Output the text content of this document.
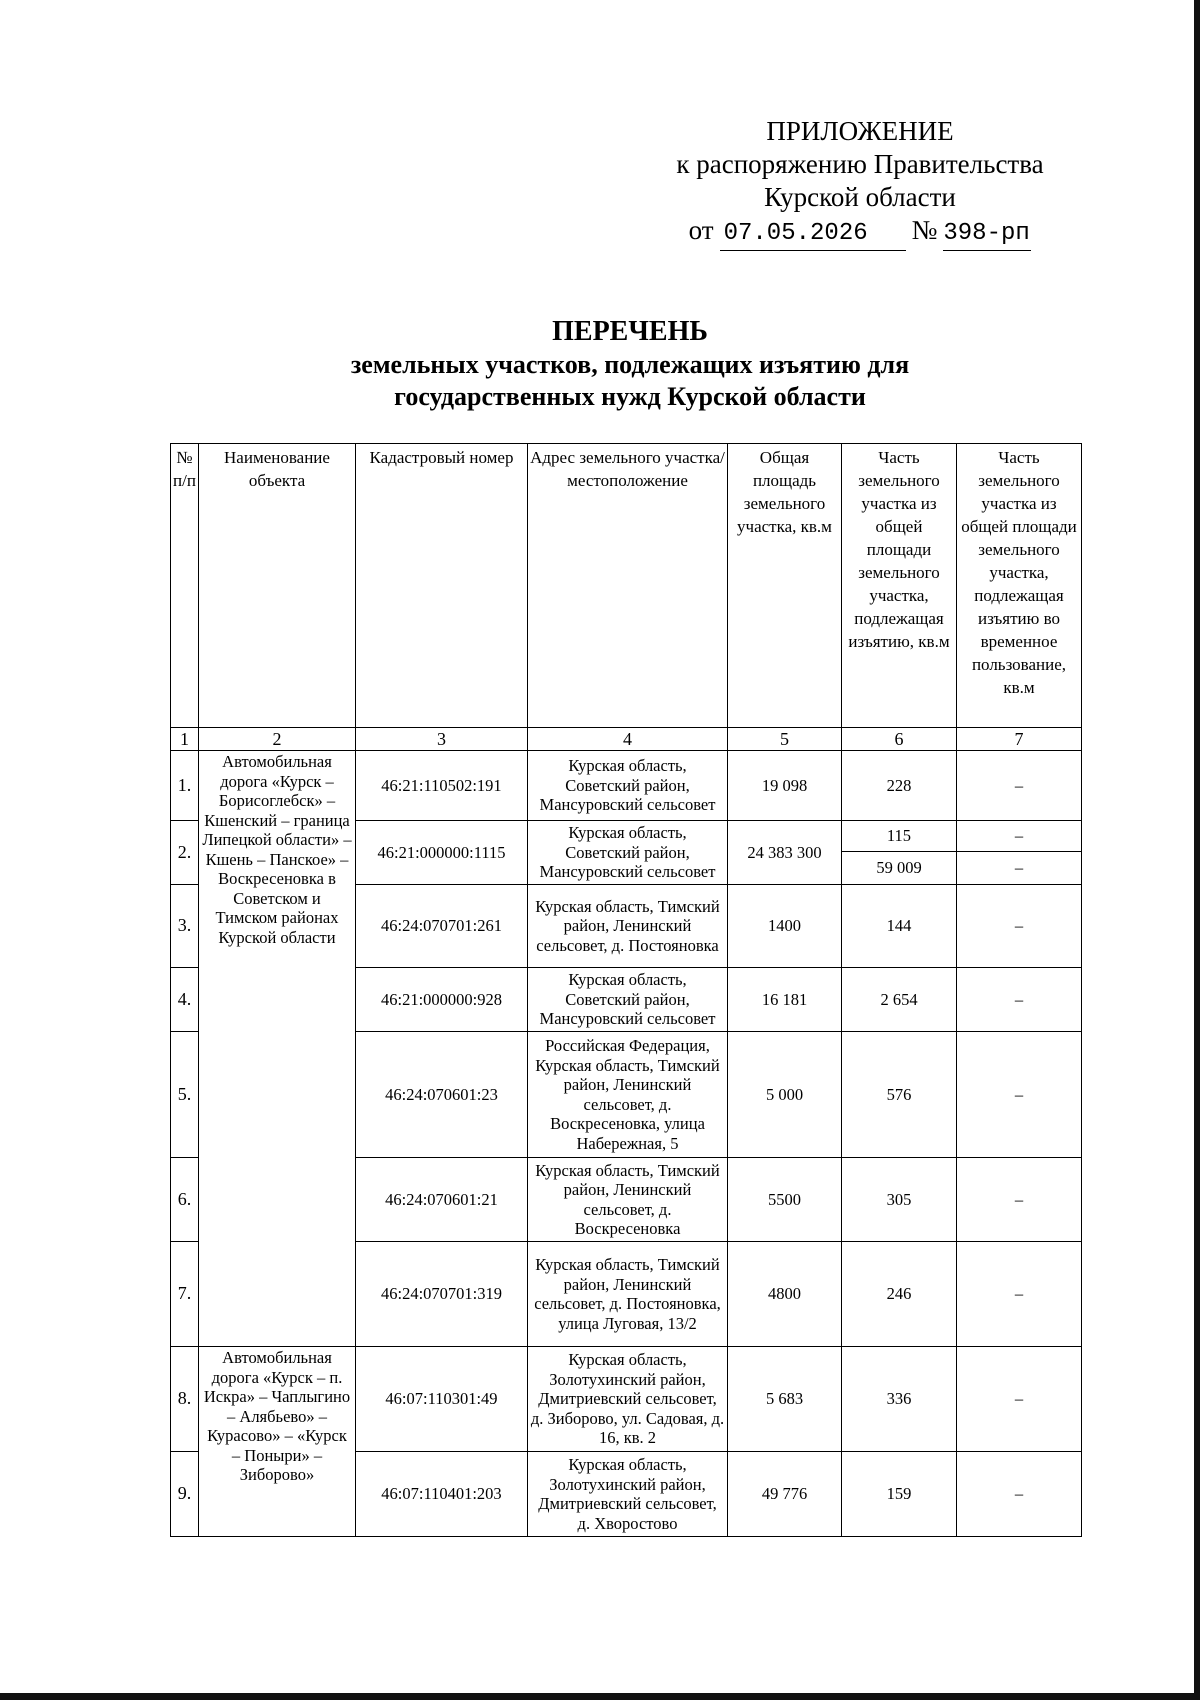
ПРИЛОЖЕНИЕ
к распоряжению Правительства
Курской области
от 07.05.2026	№ 398-рп
ПЕРЕЧЕНЬ
земельных участков, подлежащих изъятию для
государственных нужд Курской области
№ п/п	Наименование объекта	Кадастровый номер	Адрес земельного участка/ местоположение	Общая площадь земельного участка, кв.м	Часть земельного участка из общей площади земельного участка, подлежащая изъятию, кв.м	Часть земельного участка из общей площади земельного участка, подлежащая изъятию во временное пользование, кв.м
1	2	3	4	5	6	7
1.	Автомобильная дорога «Курск – Борисоглебск» – Кшенский – граница Липецкой области» – Кшень – Панское» – Воскресеновка в Советском и Тимском районах Курской области	46:21:110502:191	Курская область, Советский район, Мансуровский сельсовет	19 098	228	–
2.		46:21:000000:1115	Курская область, Советский район, Мансуровский сельсовет	24 383 300	115	–
					59 009	–
3.		46:24:070701:261	Курская область, Тимский район, Ленинский сельсовет, д. Постояновка	1400	144	–
4.		46:21:000000:928	Курская область, Советский район, Мансуровский сельсовет	16 181	2 654	–
5.		46:24:070601:23	Российская Федерация, Курская область, Тимский район, Ленинский сельсовет, д. Воскресеновка, улица Набережная, 5	5 000	576	–
6.		46:24:070601:21	Курская область, Тимский район, Ленинский сельсовет, д. Воскресеновка	5500	305	–
7.		46:24:070701:319	Курская область, Тимский район, Ленинский сельсовет, д. Постояновка, улица Луговая, 13/2	4800	246	–
8.	Автомобильная дорога «Курск – п. Искра» – Чаплыгино – Алябьево» – Курасово» – «Курск – Поныри» – Зиборово»	46:07:110301:49	Курская область, Золотухинский район, Дмитриевский сельсовет, д. Зиборово, ул. Садовая, д. 16, кв. 2	5 683	336	–
9.		46:07:110401:203	Курская область, Золотухинский район, Дмитриевский сельсовет, д. Хворостово	49 776	159	–
